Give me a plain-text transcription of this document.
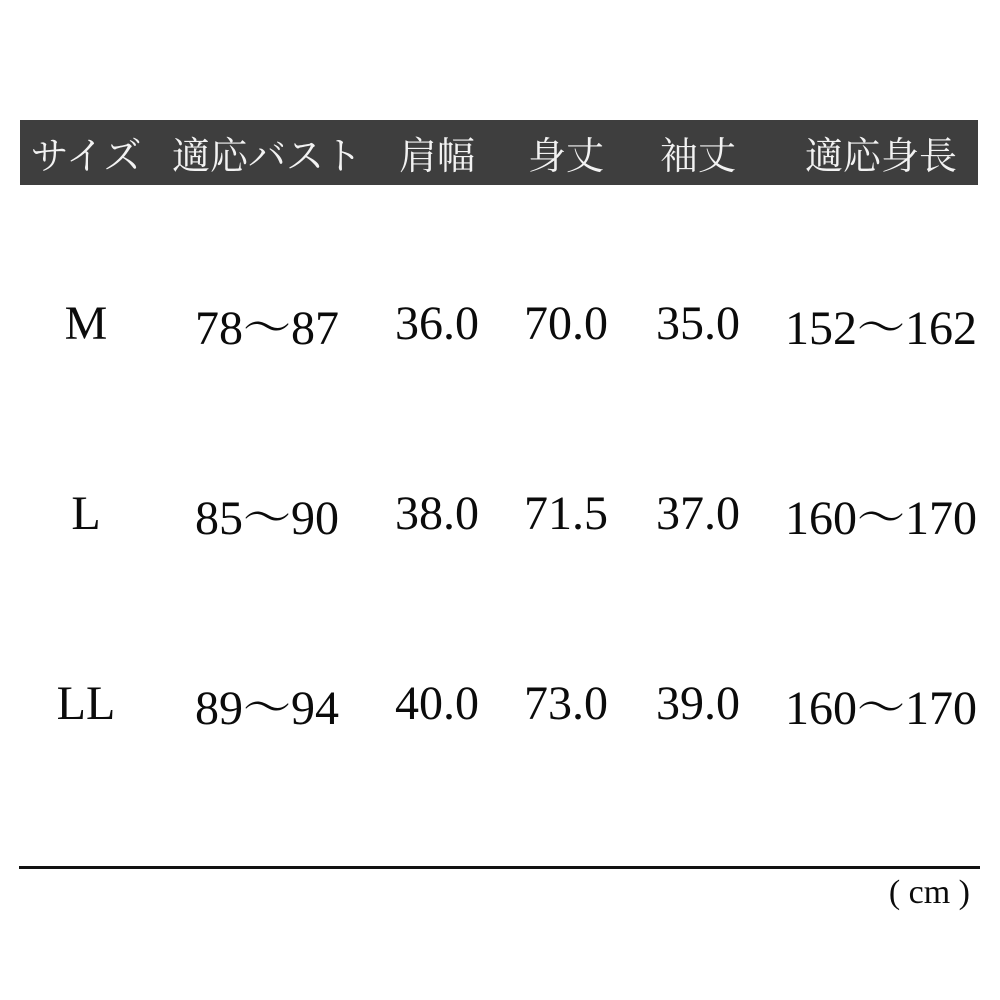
サイズ	適応バスト	肩幅	身丈	袖丈	適応身長

M	78〜87	36.0	70.0	35.0	152〜162
L	85〜90	38.0	71.5	37.0	160〜170
LL	89〜94	40.0	73.0	39.0	160〜170
( cm )
